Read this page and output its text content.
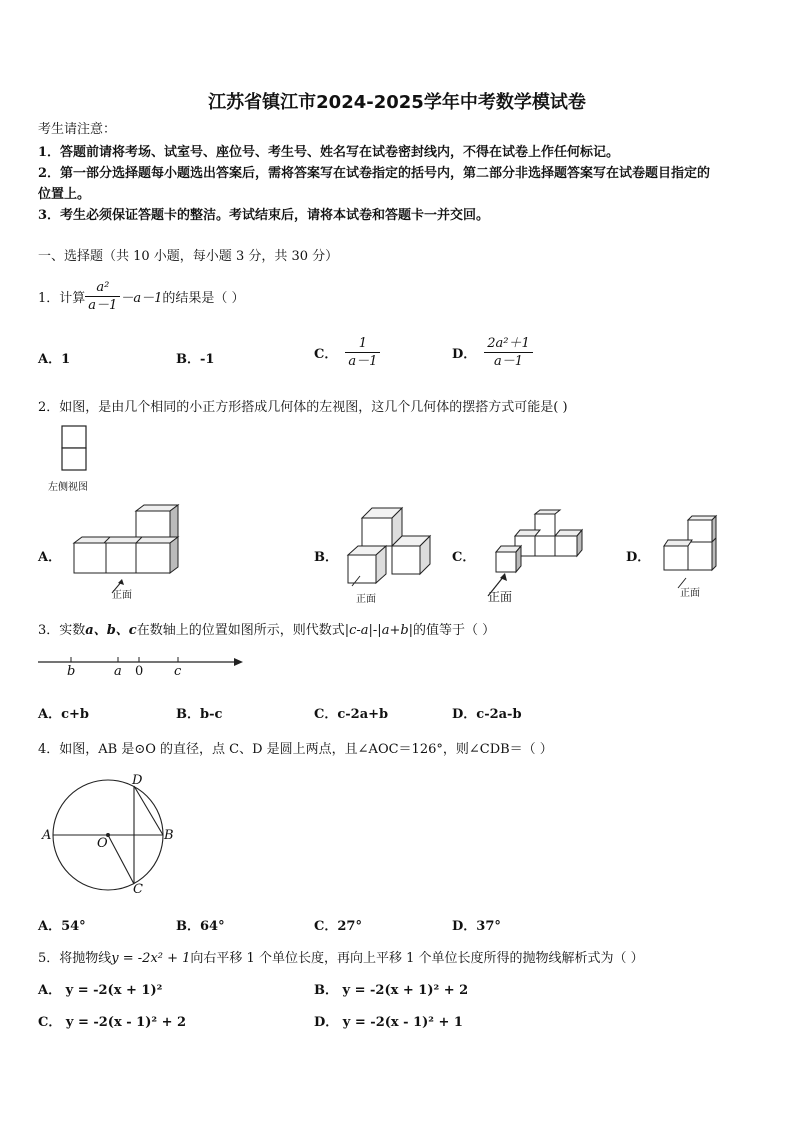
江苏省镇江市2024-2025学年中考数学模试卷
考生请注意：
1．答题前请将考场、试室号、座位号、考生号、姓名写在试卷密封线内，不得在试卷上作任何标记。
2．第一部分选择题每小题选出答案后，需将答案写在试卷指定的括号内，第二部分非选择题答案写在试卷题目指定的
位置上。
3．考生必须保证答题卡的整洁。考试结束后，请将本试卷和答题卡一并交回。
一、选择题（共 10 小题，每小题 3 分，共 30 分）
1．计算 $\frac{\text{a²}}{a-1} -a-1$ 的结果是（ ）
A．1	B．-1	C． $\frac{1}{a-1}$	D． $\frac{\text{2a²＋1}}{a-1}$
2．如图，是由几个相同的小正方形搭成几何体的左视图，这几个几何体的摆搭方式可能是( )
左侧视图
A．
正面
B．
正面
C．
正面
D．
正面
3．实数a、b、c在数轴上的位置如图所示，则代数式|c-a|-|a+b|的值等于（ ）
b	a 0 c
A．c+b	B．b-c	C．c-2a+b	D．c-2a-b
4．如图，AB 是⊙O 的直径，点 C、D 是圆上两点，且∠AOC＝126°，则∠CDB＝（ ）
A	B
C
D
O
A．54°	B．64°	C．27°	D．37°
5．将抛物线y = -2x² + 1向右平移 1 个单位长度，再向上平移 1 个单位长度所得的抛物线解析式为（ ）
A． y = -2(x + 1)²	B． y = -2(x + 1)² + 2
C． y = -2(x - 1)² + 2	D． y = -2(x - 1)² + 1
